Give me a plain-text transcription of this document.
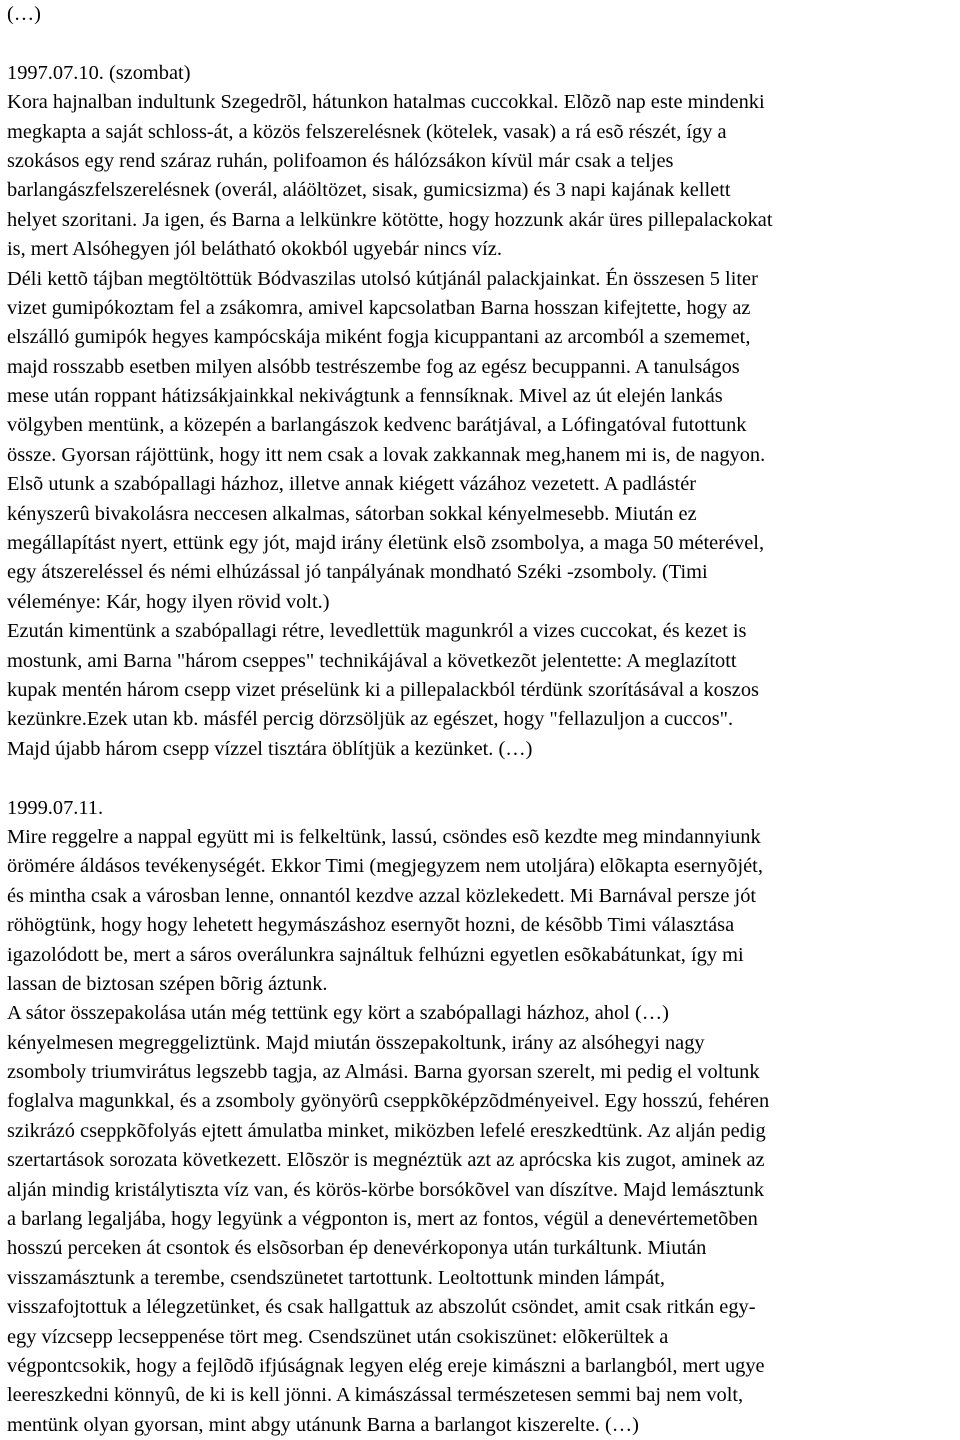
(…)
1997.07.10. (szombat)
Kora hajnalban indultunk Szegedrõl, hátunkon hatalmas cuccokkal. Elõzõ nap este mindenki
megkapta a saját schloss-át, a közös felszerelésnek (kötelek, vasak) a rá esõ részét, így a
szokásos egy rend száraz ruhán, polifoamon és hálózsákon kívül már csak a teljes
barlangászfelszerelésnek (overál, aláöltözet, sisak, gumicsizma) és 3 napi kajának kellett
helyet szoritani. Ja igen, és Barna a lelkünkre kötötte, hogy hozzunk akár üres pillepalackokat
is, mert Alsóhegyen jól belátható okokból ugyebár nincs víz.
Déli kettõ tájban megtöltöttük Bódvaszilas utolsó kútjánál palackjainkat. Én összesen 5 liter
vizet gumipókoztam fel a zsákomra, amivel kapcsolatban Barna hosszan kifejtette, hogy az
elszálló gumipók hegyes kampócskája miként fogja kicuppantani az arcomból a szememet,
majd rosszabb esetben milyen alsóbb testrészembe fog az egész becuppanni. A tanulságos
mese után roppant hátizsákjainkkal nekivágtunk a fennsíknak. Mivel az út elején lankás
völgyben mentünk, a közepén a barlangászok kedvenc barátjával, a Lófingatóval futottunk
össze. Gyorsan rájöttünk, hogy itt nem csak a lovak zakkannak meg,hanem mi is, de nagyon.
Elsõ utunk a szabópallagi házhoz, illetve annak kiégett vázához vezetett. A padlástér
kényszerû bivakolásra neccesen alkalmas, sátorban sokkal kényelmesebb. Miután ez
megállapítást nyert, ettünk egy jót, majd irány életünk elsõ zsombolya, a maga 50 méterével,
egy átszereléssel és némi elhúzással jó tanpályának mondható Széki -zsomboly. (Timi
véleménye: Kár, hogy ilyen rövid volt.)
Ezután kimentünk a szabópallagi rétre, levedlettük magunkról a vizes cuccokat, és kezet is
mostunk, ami Barna "három cseppes" technikájával a következõt jelentette: A meglazított
kupak mentén három csepp vizet préselünk ki a pillepalackból térdünk szorításával a koszos
kezünkre.Ezek utan kb. másfél percig dörzsöljük az egészet, hogy "fellazuljon a cuccos".
Majd újabb három csepp vízzel tisztára öblítjük a kezünket. (…)
1999.07.11.
Mire reggelre a nappal együtt mi is felkeltünk, lassú, csöndes esõ kezdte meg mindannyiunk
örömére áldásos tevékenységét. Ekkor Timi (megjegyzem nem utoljára) elõkapta esernyõjét,
és mintha csak a városban lenne, onnantól kezdve azzal közlekedett. Mi Barnával persze jót
röhögtünk, hogy hogy lehetett hegymászáshoz esernyõt hozni, de késõbb Timi választása
igazolódott be, mert a sáros overálunkra sajnáltuk felhúzni egyetlen esõkabátunkat, így mi
lassan de biztosan szépen bõrig áztunk.
A sátor összepakolása után még tettünk egy kört a szabópallagi házhoz, ahol (…)
kényelmesen megreggeliztünk. Majd miután összepakoltunk, irány az alsóhegyi nagy
zsomboly triumvirátus legszebb tagja, az Almási. Barna gyorsan szerelt, mi pedig el voltunk
foglalva magunkkal, és a zsomboly gyönyörû cseppkõképzõdményeivel. Egy hosszú, fehéren
szikrázó cseppkõfolyás ejtett ámulatba minket, miközben lefelé ereszkedtünk. Az alján pedig
szertartások sorozata következett. Elõször is megnéztük azt az aprócska kis zugot, aminek az
alján mindig kristálytiszta víz van, és körös-körbe borsókõvel van díszítve. Majd lemásztunk
a barlang legaljába, hogy legyünk a végponton is, mert az fontos, végül a denevértemetõben
hosszú perceken át csontok és elsõsorban ép denevérkoponya után turkáltunk. Miután
visszamásztunk a terembe, csendszünetet tartottunk. Leoltottunk minden lámpát,
visszafojtottuk a lélegzetünket, és csak hallgattuk az abszolút csöndet, amit csak ritkán egy-
egy vízcsepp lecseppenése tört meg. Csendszünet után csokiszünet: elõkerültek a
végpontcsokik, hogy a fejlõdõ ifjúságnak legyen elég ereje kimászni a barlangból, mert ugye
leereszkedni könnyû, de ki is kell jönni. A kimászással természetesen semmi baj nem volt,
mentünk olyan gyorsan, mint abgy utánunk Barna a barlangot kiszerelte. (…)
